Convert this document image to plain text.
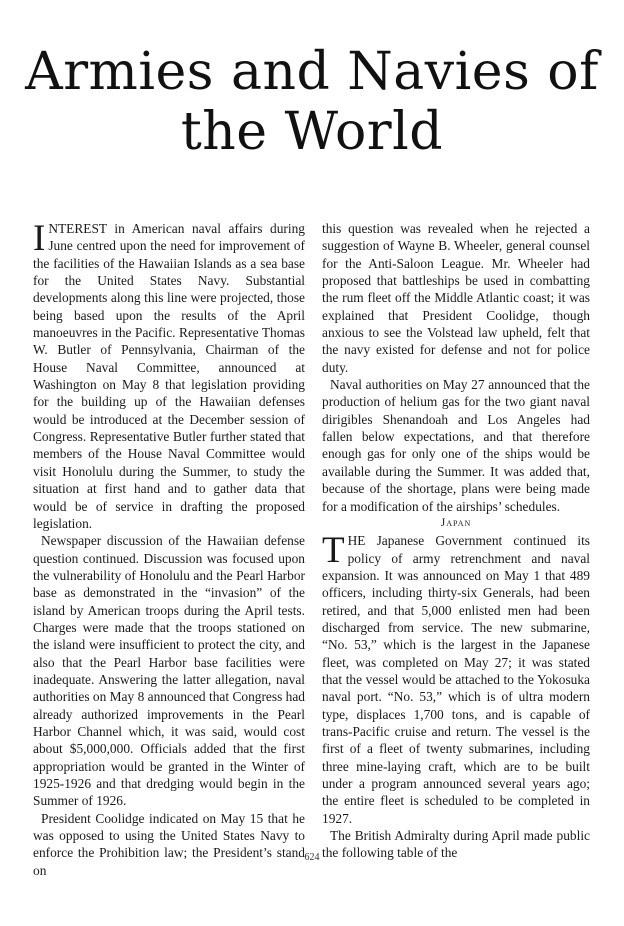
Armies and Navies of
the World

INTEREST in American naval affairs during June centred upon the need for improvement of the facilities of the Hawaiian Islands as a sea base for the United States Navy. Substantial developments along this line were projected, those being based upon the results of the April manoeuvres in the Pacific. Representative Thomas W. Butler of Pennsylvania, Chairman of the House Naval Committee, announced at Washington on May 8 that legislation providing for the building up of the Hawaiian defenses would be introduced at the December session of Congress. Representative Butler further stated that members of the House Naval Committee would visit Honolulu during the Summer, to study the situation at first hand and to gather data that would be of service in drafting the proposed legislation.

Newspaper discussion of the Hawaiian defense question continued. Discussion was focused upon the vulnerability of Honolulu and the Pearl Harbor base as demonstrated in the “invasion” of the island by American troops during the April tests. Charges were made that the troops stationed on the island were insufficient to protect the city, and also that the Pearl Harbor base facilities were inadequate. Answering the latter allegation, naval authorities on May 8 announced that Congress had already authorized improvements in the Pearl Harbor Channel which, it was said, would cost about $5,000,000. Officials added that the first appropriation would be granted in the Winter of 1925-1926 and that dredging would begin in the Summer of 1926.

President Coolidge indicated on May 15 that he was opposed to using the United States Navy to enforce the Prohibition law; the President’s stand on

this question was revealed when he rejected a suggestion of Wayne B. Wheeler, general counsel for the Anti-Saloon League. Mr. Wheeler had proposed that battleships be used in combatting the rum fleet off the Middle Atlantic coast; it was explained that President Coolidge, though anxious to see the Volstead law upheld, felt that the navy existed for defense and not for police duty.

Naval authorities on May 27 announced that the production of helium gas for the two giant naval dirigibles Shenandoah and Los Angeles had fallen below expectations, and that therefore enough gas for only one of the ships would be available during the Summer. It was added that, because of the shortage, plans were being made for a modification of the airships’ schedules.

Japan

THE Japanese Government continued its policy of army retrenchment and naval expansion. It was announced on May 1 that 489 officers, including thirty-six Generals, had been retired, and that 5,000 enlisted men had been discharged from service. The new submarine, “No. 53,” which is the largest in the Japanese fleet, was completed on May 27; it was stated that the vessel would be attached to the Yokosuka naval port. “No. 53,” which is of ultra modern type, displaces 1,700 tons, and is capable of trans-Pacific cruise and return. The vessel is the first of a fleet of twenty submarines, including three mine-laying craft, which are to be built under a program announced several years ago; the entire fleet is scheduled to be completed in 1927.

The British Admiralty during April made public the following table of the

624
